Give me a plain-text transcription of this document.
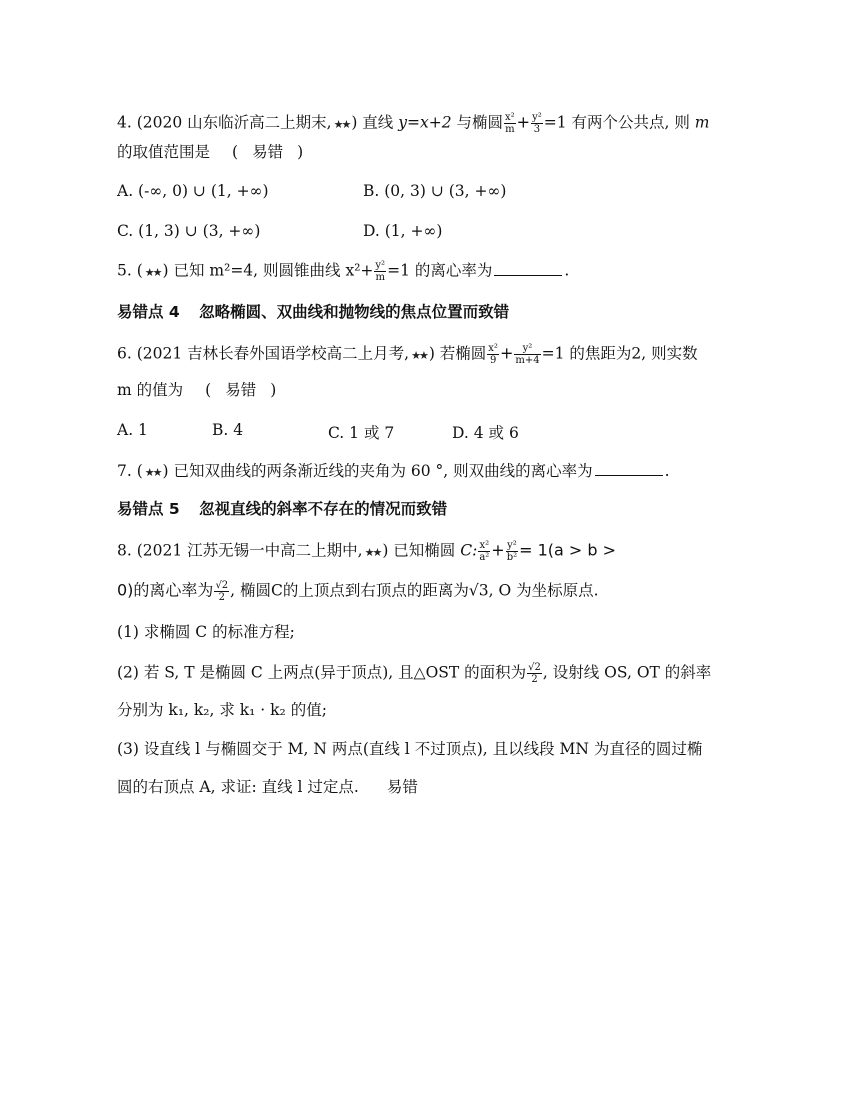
4. (2020 山东临沂高二上期末, ★★ ) 直线 y=x+2 与椭圆 $\frac{\text{x²}}{m} + \frac{\text{y²}}{3} =1$ 有两个公共点, 则 m
的取值范围是 ( 易错 )
A. (-∞, 0) ∪ (1, +∞)	B. (0, 3) ∪ (3, +∞)
C. (1, 3) ∪ (3, +∞)	D. (1, +∞)
5. ( ★★ ) 已知 m²=4, 则圆锥曲线 $x^2+ \frac{\text{y²}}{m} =1$ 的离心率为	.
易错点 4 忽略椭圆、双曲线和抛物线的焦点位置而致错
6. (2021 吉林长春外国语学校高二上月考, ★★ ) 若椭圆 $\frac{\text{x²}}{9} + \frac{\text{y²}}{m+4} =1$ 的焦距为2, 则实数
m 的值为 ( 易错 )
A. 1	B. 4	C. 1 或 7	D. 4 或 6
7. ( ★★ ) 已知双曲线的两条渐近线的夹角为 60 °, 则双曲线的离心率为	.
易错点 5 忽视直线的斜率不存在的情况而致错
8. (2021 江苏无锡一中高二上期中, ★★ ) 已知椭圆 C: $\frac{\text{x²}}{\text{a²}} + \frac{\text{y²}}{\text{b²}} = 1(a > b$ >
0)的离心率为 $\frac{√2}{2}$ , 椭圆C的上顶点到右顶点的距离为√3, O 为坐标原点.
(1) 求椭圆 C 的标准方程;
(2) 若 S, T 是椭圆 C 上两点(异于顶点), 且△OST 的面积为 $\frac{√2}{2}$ , 设射线 OS, OT 的斜率
分别为 k₁, k₂, 求 k₁ · k₂ 的值;
(3) 设直线 l 与椭圆交于 M, N 两点(直线 l 不过顶点), 且以线段 MN 为直径的圆过椭
圆的右顶点 A, 求证: 直线 l 过定点. 易错
